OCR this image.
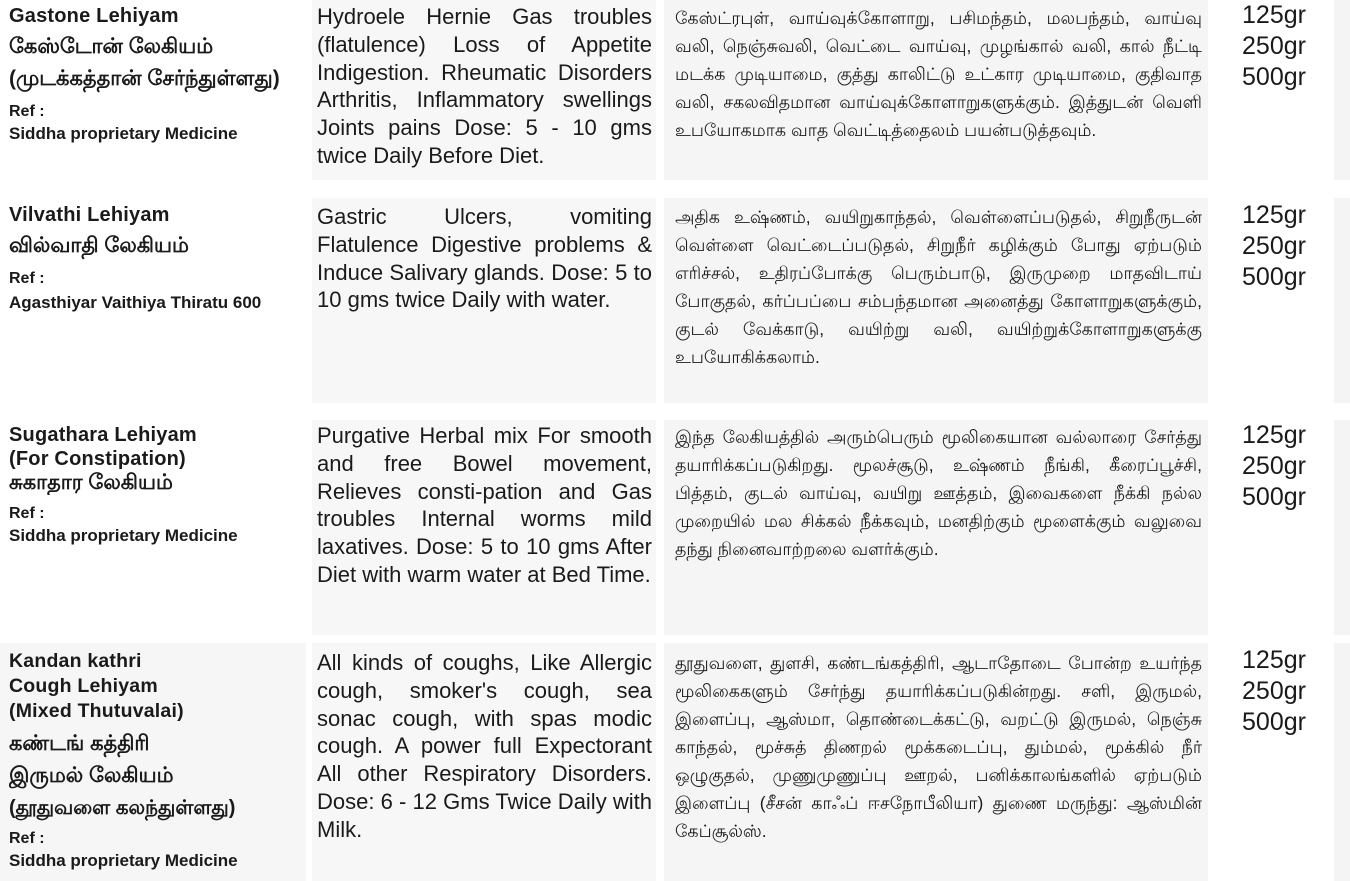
Gastone Lehiyam
கேஸ்டோன் லேகியம்
(முடக்கத்தான் சேர்ந்துள்ளது)
Ref :
Siddha proprietary Medicine
Hydroele Hernie Gas troubles (flatulence) Loss of Appetite Indigestion. Rheumatic Disorders Arthritis, Inflammatory swellings Joints pains Dose: 5 - 10 gms twice Daily Before Diet.
கேஸ்ட்ரபுள், வாய்வுக்கோளாறு, பசிமந்தம், மலபந்தம், வாய்வு வலி, நெஞ்சுவலி, வெட்டை வாய்வு, முழங்கால் வலி, கால் நீட்டி மடக்க முடியாமை, குத்து காலிட்டு உட்கார முடியாமை, குதிவாத வலி, சகலவிதமான வாய்வுக்கோளாறுகளுக்கும். இத்துடன் வெளி உபயோகமாக வாத வெட்டித்தைலம் பயன்படுத்தவும்.
125gr
250gr
500gr
Vilvathi Lehiyam
வில்வாதி லேகியம்
Ref :
Agasthiyar Vaithiya Thiratu 600
Gastric Ulcers, vomiting Flatulence Digestive problems & Induce Salivary glands. Dose: 5 to 10 gms twice Daily with water.
அதிக உஷ்ணம், வயிறுகாந்தல், வெள்ளைப்படுதல், சிறுநீருடன் வெள்ளை வெட்டைப்படுதல், சிறுநீர் கழிக்கும் போது ஏற்படும் எரிச்சல், உதிரப்போக்கு பெரும்பாடு, இருமுறை மாதவிடாய் போகுதல், கர்ப்பப்பை சம்பந்தமான அனைத்து கோளாறுகளுக்கும், குடல் வேக்காடு, வயிற்று வலி, வயிற்றுக்கோளாறுகளுக்கு உபயோகிக்கலாம்.
125gr
250gr
500gr
Sugathara Lehiyam
(For Constipation)
சுகாதார லேகியம்
Ref :
Siddha proprietary Medicine
Purgative Herbal mix For smooth and free Bowel movement, Relieves consti-pation and Gas troubles Internal worms mild laxatives. Dose: 5 to 10 gms After Diet with warm water at Bed Time.
இந்த லேகியத்தில் அரும்பெரும் மூலிகையான வல்லாரை சேர்த்து தயாரிக்கப்படுகிறது. மூலச்சூடு, உஷ்ணம் நீங்கி, கீரைப்பூச்சி, பித்தம், குடல் வாய்வு, வயிறு ஊத்தம், இவைகளை நீக்கி நல்ல முறையில் மல சிக்கல் நீக்கவும், மனதிற்கும் மூளைக்கும் வலுவை தந்து நினைவாற்றலை வளர்க்கும்.
125gr
250gr
500gr
Kandan kathri
Cough Lehiyam
(Mixed Thutuvalai)
கண்டங் கத்திரி
இருமல் லேகியம்
(தூதுவளை கலந்துள்ளது)
Ref :
Siddha proprietary Medicine
All kinds of coughs, Like Allergic cough, smoker's cough, sea sonac cough, with spas modic cough. A power full Expectorant All other Respiratory Disorders. Dose: 6 - 12 Gms Twice Daily with Milk.
தூதுவளை, துளசி, கண்டங்கத்திரி, ஆடாதோடை போன்ற உயர்ந்த மூலிகைகளும் சேர்ந்து தயாரிக்கப்படுகின்றது. சளி, இருமல், இளைப்பு, ஆஸ்மா, தொண்டைக்கட்டு, வறட்டு இருமல், நெஞ்சு காந்தல், மூச்சுத் திணறல் மூக்கடைப்பு, தும்மல், மூக்கில் நீர் ஒழுகுதல், முணுமுணுப்பு ஊறல், பனிக்காலங்களில் ஏற்படும் இளைப்பு (சீசன் காஃப் ஈசநோபீலியா) துணை மருந்து: ஆஸ்மின் கேப்சூல்ஸ்.
125gr
250gr
500gr
